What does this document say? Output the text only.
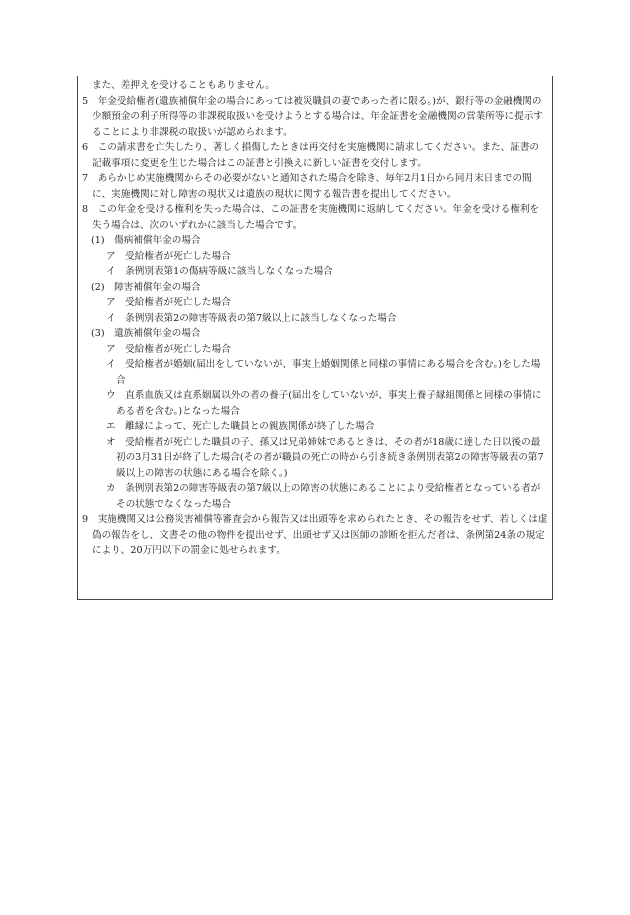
また、差押えを受けることもありません。

5　年金受給権者(遺族補償年金の場合にあっては被災職員の妻であった者に限る。)が、銀行等の金融機関の少額預金の利子所得等の非課税取扱いを受けようとする場合は、年金証書を金融機関の営業所等に提示することにより非課税の取扱いが認められます。

6　この請求書を亡失したり、著しく損傷したときは再交付を実施機関に請求してください。また、証書の記載事項に変更を生じた場合はこの証書と引換えに新しい証書を交付します。

7　あらかじめ実施機関からその必要がないと通知された場合を除き、毎年2月1日から同月末日までの間に、実施機関に対し障害の現状又は遺族の現状に関する報告書を提出してください。

8　この年金を受ける権利を失った場合は、この証書を実施機関に返納してください。年金を受ける権利を失う場合は、次のいずれかに該当した場合です。

(1)　傷病補償年金の場合

ア　受給権者が死亡した場合

イ　条例別表第1の傷病等級に該当しなくなった場合

(2)　障害補償年金の場合

ア　受給権者が死亡した場合

イ　条例別表第2の障害等級表の第7級以上に該当しなくなった場合

(3)　遺族補償年金の場合

ア　受給権者が死亡した場合

イ　受給権者が婚姻(届出をしていないが、事実上婚姻関係と同様の事情にある場合を含む。)をした場合

ウ　直系血族又は直系姻属以外の者の養子(届出をしていないが、事実上養子縁組関係と同様の事情にある者を含む。)となった場合

エ　離縁によって、死亡した職員との親族関係が終了した場合

オ　受給権者が死亡した職員の子、孫又は兄弟姉妹であるときは、その者が18歳に達した日以後の最初の3月31日が終了した場合(その者が職員の死亡の時から引き続き条例別表第2の障害等級表の第7級以上の障害の状態にある場合を除く。)

カ　条例別表第2の障害等級表の第7級以上の障害の状態にあることにより受給権者となっている者がその状態でなくなった場合

9　実施機関又は公務災害補償等審査会から報告又は出頭等を求められたとき、その報告をせず、若しくは虚偽の報告をし、文書その他の物件を提出せず、出頭せず又は医師の診断を拒んだ者は、条例第24条の規定により、20万円以下の罰金に処せられます。
